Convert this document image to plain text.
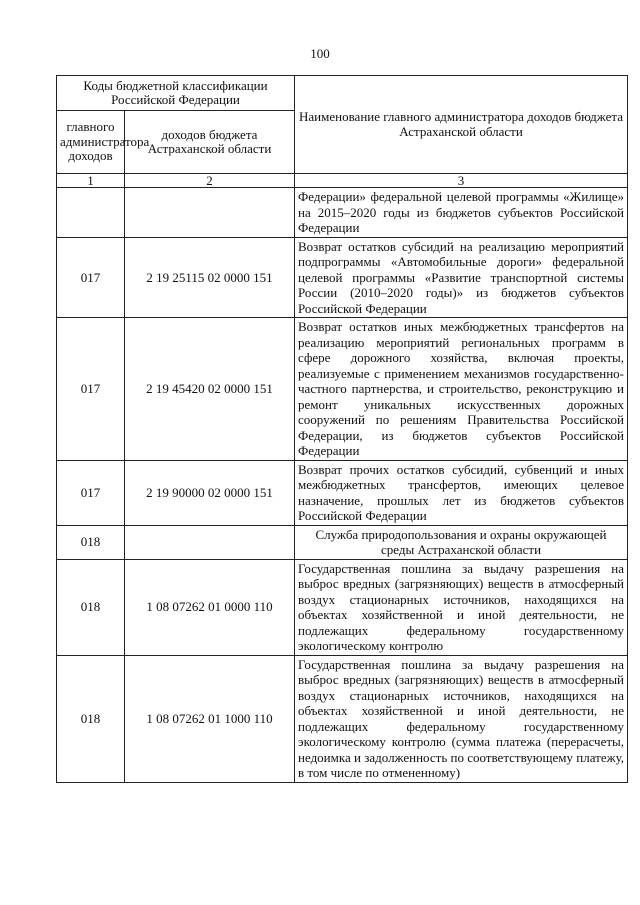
100
Коды бюджетной классификации Российской Федерации		Наименование главного администратора доходов бюджета Астраханской области
главного администратора доходов	доходов бюджета Астраханской области	
1	2	3
		Федерации» федеральной целевой программы «Жилище» на 2015–2020 годы из бюджетов субъектов Российской Федерации
017	2 19 25115 02 0000 151	Возврат остатков субсидий на реализацию мероприятий подпрограммы «Автомобильные дороги» федеральной целевой программы «Развитие транспортной системы России (2010–2020 годы)» из бюджетов субъектов Российской Федерации
017	2 19 45420 02 0000 151	Возврат остатков иных межбюджетных трансфертов на реализацию мероприятий региональных программ в сфере дорожного хозяйства, включая проекты, реализуемые с применением механизмов государственно-частного партнерства, и строительство, реконструкцию и ремонт уникальных искусственных дорожных сооружений по решениям Правительства Российской Федерации, из бюджетов субъектов Российской Федерации
017	2 19 90000 02 0000 151	Возврат прочих остатков субсидий, субвенций и иных межбюджетных трансфертов, имеющих целевое назначение, прошлых лет из бюджетов субъектов Российской Федерации
018		Служба природопользования и охраны окружающей среды Астраханской области
018	1 08 07262 01 0000 110	Государственная пошлина за выдачу разрешения на выброс вредных (загрязняющих) веществ в атмосферный воздух стационарных источников, находящихся на объектах хозяйственной и иной деятельности, не подлежащих федеральному государственному экологическому контролю
018	1 08 07262 01 1000 110	Государственная пошлина за выдачу разрешения на выброс вредных (загрязняющих) веществ в атмосферный воздух стационарных источников, находящихся на объектах хозяйственной и иной деятельности, не подлежащих федеральному государственному экологическому контролю (сумма платежа (перерасчеты, недоимка и задолженность по соответствующему платежу, в том числе по отмененному)
